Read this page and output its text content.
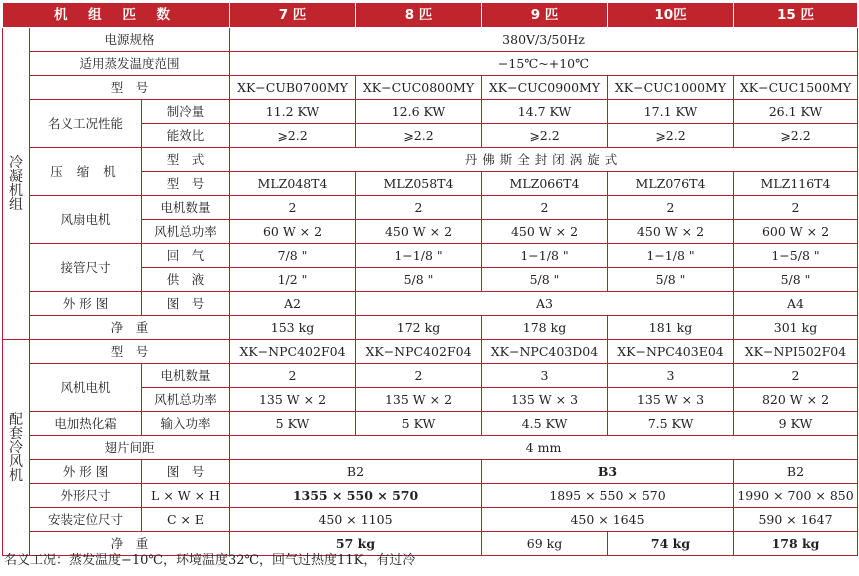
机 组 匹 数			7 匹	8 匹	9 匹	10匹	15 匹

冷
凝
机
组	电源规格		380V/3/50Hz				
	适用蒸发温度范围		−15℃~+10℃				
	型　号		XK−CUB0700MY	XK−CUC0800MY	XK−CUC0900MY	XK−CUC1000MY	XK−CUC1500MY
	名义工况性能	制冷量	11.2 KW	12.6 KW	14.7 KW	17.1 KW	26.1 KW
		能效比	⩾2.2	⩾2.2	⩾2.2	⩾2.2	⩾2.2
	压 缩 机	型　式	丹佛斯全封闭涡旋式				
		型　号	MLZ048T4	MLZ058T4	MLZ066T4	MLZ076T4	MLZ116T4
	风扇电机	电机数量	2	2	2	2	2
		风机总功率	60 W × 2	450 W × 2	450 W × 2	450 W × 2	600 W × 2
	接管尺寸	回　气	7/8 "	1−1/8 "	1−1/8 "	1−1/8 "	1−5/8 "
		供　液	1/2 "	5/8 "	5/8 "	5/8 "	5/8 "
	外 形 图	图　号	A2	A3			A4
	净　重		153 kg	172 kg	178 kg	181 kg	301 kg

配
套
冷
风
机	型　号		XK−NPC402F04	XK−NPC402F04	XK−NPC403D04	XK−NPC403E04	XK−NPI502F04
	风机电机	电机数量	2	2	3	3	2
		风机总功率	135 W × 2	135 W × 2	135 W × 3	135 W × 3	820 W × 2
	电加热化霜	输入功率	5 KW	5 KW	4.5 KW	7.5 KW	9 KW
	翅片间距		4 mm				
	外 形 图	图　号	B2		B3		B2
	外形尺寸	L × W × H	1355 × 550 × 570		1895 × 550 × 570		1990 × 700 × 850
	安装定位尺寸	C × E	450 × 1105		450 × 1645		590 × 1647
	净　重		57 kg		69 kg	74 kg	178 kg
名义工况：蒸发温度−10℃，环境温度32℃，回气过热度11K，有过冷
